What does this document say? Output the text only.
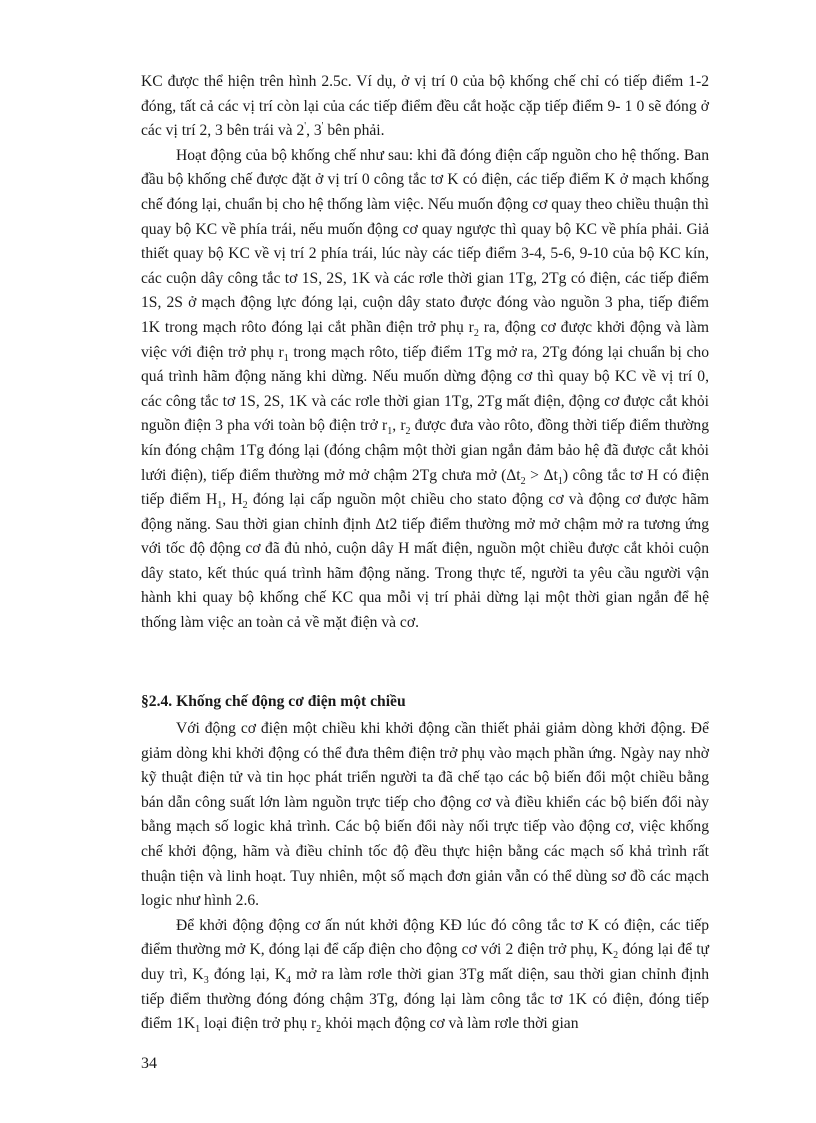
KC được thể hiện trên hình 2.5c. Ví dụ, ở vị trí 0 của bộ khống chế chỉ có tiếp điểm 1-2 đóng, tất cả các vị trí còn lại của các tiếp điểm đều cắt hoặc cặp tiếp điểm 9- 1 0 sẽ đóng ở các vị trí 2, 3 bên trái và 2', 3' bên phải.

Hoạt động của bộ khống chế như sau: khi đã đóng điện cấp nguồn cho hệ thống. Ban đầu bộ khống chế được đặt ở vị trí 0 công tắc tơ K có điện, các tiếp điểm K ở mạch khống chế đóng lại, chuẩn bị cho hệ thống làm việc. Nếu muốn động cơ quay theo chiều thuận thì quay bộ KC về phía trái, nếu muốn động cơ quay ngược thì quay bộ KC về phía phải. Giả thiết quay bộ KC về vị trí 2 phía trái, lúc này các tiếp điểm 3-4, 5-6, 9-10 của bộ KC kín, các cuộn dây công tắc tơ 1S, 2S, 1K và các rơle thời gian 1Tg, 2Tg có điện, các tiếp điểm 1S, 2S ở mạch động lực đóng lại, cuộn dây stato được đóng vào nguồn 3 pha, tiếp điểm 1K trong mạch rôto đóng lại cắt phần điện trở phụ $r_2$ ra, động cơ được khởi động và làm việc với điện trở phụ $r_1$ trong mạch rôto, tiếp điểm 1Tg mở ra, 2Tg đóng lại chuẩn bị cho quá trình hãm động năng khi dừng. Nếu muốn dừng động cơ thì quay bộ KC về vị trí 0, các công tắc tơ 1S, 2S, 1K và các rơle thời gian 1Tg, 2Tg mất điện, động cơ được cắt khỏi nguồn điện 3 pha với toàn bộ điện trở $r_1$, $r_2$ được đưa vào rôto, đồng thời tiếp điểm thường kín đóng chậm 1Tg đóng lại (đóng chậm một thời gian ngắn đảm bảo hệ đã được cắt khỏi lưới điện), tiếp điểm thường mở mở chậm 2Tg chưa mở $(\Delta t_2 > \Delta t_1)$ công tắc tơ H có điện tiếp điểm $H_1$, $H_2$ đóng lại cấp nguồn một chiều cho stato động cơ và động cơ được hãm động năng. Sau thời gian chỉnh định Δt2 tiếp điểm thường mở mở chậm mở ra tương ứng với tốc độ động cơ đã đủ nhỏ, cuộn dây H mất điện, nguồn một chiều được cắt khỏi cuộn dây stato, kết thúc quá trình hãm động năng. Trong thực tế, người ta yêu cầu người vận hành khi quay bộ khống chế KC qua mỗi vị trí phải dừng lại một thời gian ngắn để hệ thống làm việc an toàn cả về mặt điện và cơ.

§2.4. Khống chế động cơ điện một chiều

Với động cơ điện một chiều khi khởi động cần thiết phải giảm dòng khởi động. Để giảm dòng khi khởi động có thể đưa thêm điện trở phụ vào mạch phần ứng. Ngày nay nhờ kỹ thuật điện tử và tin học phát triển người ta đã chế tạo các bộ biến đổi một chiều bằng bán dẫn công suất lớn làm nguồn trực tiếp cho động cơ và điều khiển các bộ biến đổi này bằng mạch số logic khả trình. Các bộ biến đổi này nối trực tiếp vào động cơ, việc khống chế khởi động, hãm và điều chỉnh tốc độ đều thực hiện bằng các mạch số khả trình rất thuận tiện và linh hoạt. Tuy nhiên, một số mạch đơn giản vẫn có thể dùng sơ đồ các mạch logic như hình 2.6.

Để khởi động động cơ ấn nút khởi động KĐ lúc đó công tắc tơ K có điện, các tiếp điểm thường mở K, đóng lại để cấp điện cho động cơ với 2 điện trở phụ, $K_2$ đóng lại để tự duy trì, $K_3$ đóng lại, $K_4$ mở ra làm rơle thời gian 3Tg mất diện, sau thời gian chỉnh định tiếp điểm thường đóng đóng chậm 3Tg, đóng lại làm công tắc tơ 1K có điện, đóng tiếp điểm $1K_1$ loại điện trở phụ $r_2$ khỏi mạch động cơ và làm rơle thời gian

34
